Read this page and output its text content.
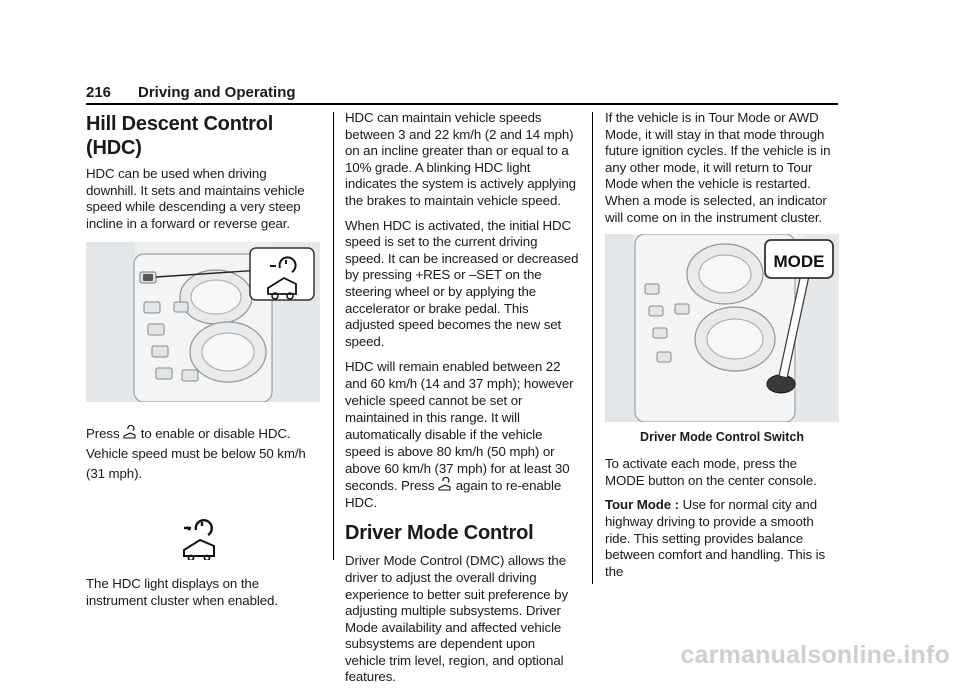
216 Driving and Operating
Hill Descent Control (HDC)

HDC can be used when driving downhill. It sets and maintains vehicle speed while descending a very steep incline in a forward or reverse gear.

Press to enable or disable HDC. Vehicle speed must be below 50 km/h (31 mph).

The HDC light displays on the instrument cluster when enabled.

HDC can maintain vehicle speeds between 3 and 22 km/h (2 and 14 mph) on an incline greater than or equal to a 10% grade. A blinking HDC light indicates the system is actively applying the brakes to maintain vehicle speed.

When HDC is activated, the initial HDC speed is set to the current driving speed. It can be increased or decreased by pressing +RES or –SET on the steering wheel or by applying the accelerator or brake pedal. This adjusted speed becomes the new set speed.

HDC will remain enabled between 22 and 60 km/h (14 and 37 mph); however vehicle speed cannot be set or maintained in this range. It will automatically disable if the vehicle speed is above 80 km/h (50 mph) or above 60 km/h (37 mph) for at least 30 seconds. Press again to re-enable HDC.

Driver Mode Control

Driver Mode Control (DMC) allows the driver to adjust the overall driving experience to better suit preference by adjusting multiple subsystems. Driver Mode availability and affected vehicle subsystems are dependent upon vehicle trim level, region, and optional features.

If the vehicle is in Tour Mode or AWD Mode, it will stay in that mode through future ignition cycles. If the vehicle is in any other mode, it will return to Tour Mode when the vehicle is restarted. When a mode is selected, an indicator will come on in the instrument cluster.

MODE
Driver Mode Control Switch

To activate each mode, press the MODE button on the center console.

Tour Mode : Use for normal city and highway driving to provide a smooth ride. This setting provides balance between comfort and handling. This is the

carmanualsonline.info
